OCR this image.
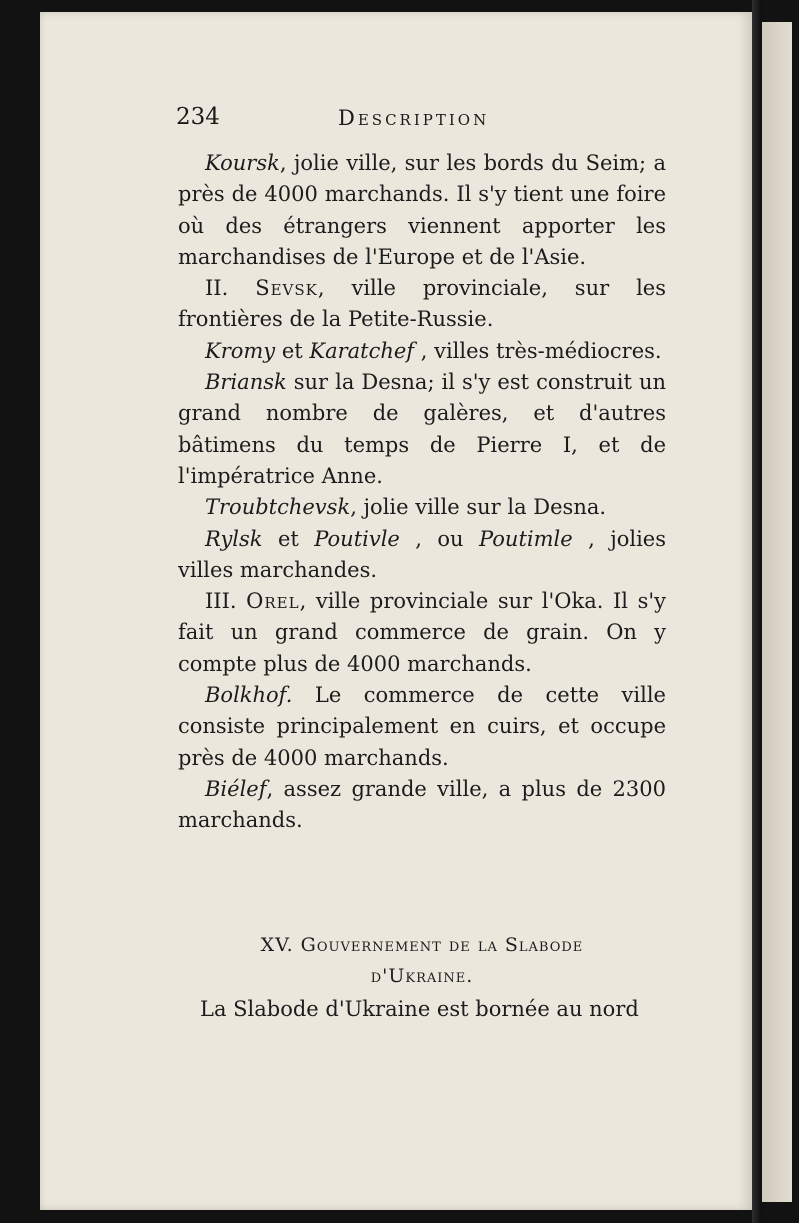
234	Description

Koursk, jolie ville, sur les bords du Seim; a près de 4000 marchands. Il s'y tient une foire où des étrangers viennent apporter les marchandises de l'Europe et de l'Asie.

II. Sevsk, ville provinciale, sur les frontières de la Petite-Russie.

Kromy et Karatchef , villes très-médiocres.

Briansk sur la Desna; il s'y est construit un grand nombre de galères, et d'autres bâtimens du temps de Pierre I, et de l'impératrice Anne.

Troubtchevsk, jolie ville sur la Desna.

Rylsk et Poutivle , ou Poutimle , jolies villes marchandes.

III. Orel, ville provinciale sur l'Oka. Il s'y fait un grand commerce de grain. On y compte plus de 4000 marchands.

Bolkhof. Le commerce de cette ville consiste principalement en cuirs, et occupe près de 4000 marchands.

Biélef, assez grande ville, a plus de 2300 marchands.

XV. Gouvernement de la Slabode
d'Ukraine.
La Slabode d'Ukraine est bornée au nord
